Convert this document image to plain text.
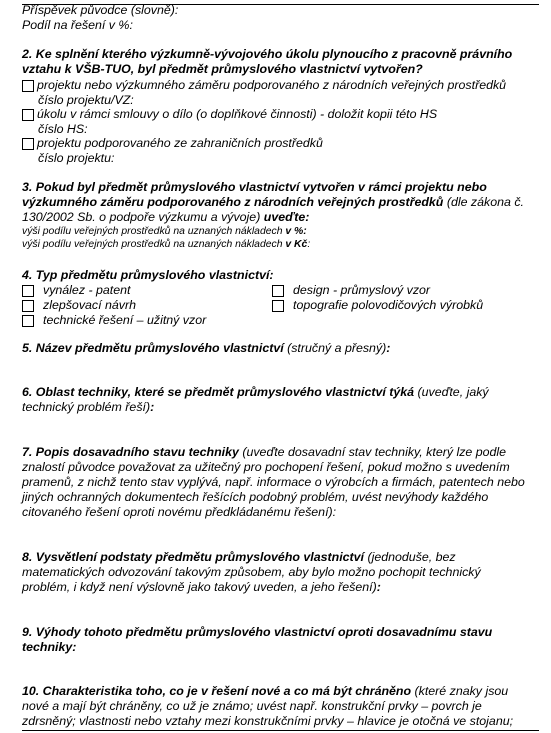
Příspěvek původce (slovně):
Podíl na řešení v %:
2. Ke splnění kterého výzkumně-vývojového úkolu plynoucího z pracovně právního
vztahu k VŠB-TUO, byl předmět průmyslového vlastnictví vytvořen?
projektu nebo výzkumného záměru podporovaného z národních veřejných prostředků
číslo projektu/VZ:
úkolu v rámci smlouvy o dílo (o doplňkové činnosti) - doložit kopii této HS
číslo HS:
projektu podporovaného ze zahraničních prostředků
číslo projektu:
3. Pokud byl předmět průmyslového vlastnictví vytvořen v rámci projektu nebo
výzkumného záměru podporovaného z národních veřejných prostředků (dle zákona č.
130/2002 Sb. o podpoře výzkumu a vývoje) uveďte:
výši podílu veřejných prostředků na uznaných nákladech v %:
výši podílu veřejných prostředků na uznaných nákladech v Kč:
4. Typ předmětu průmyslového vlastnictví:
vynález - patent	design - průmyslový vzor
zlepšovací návrh	topografie polovodičových výrobků
technické řešení – užitný vzor
5. Název předmětu průmyslového vlastnictví (stručný a přesný):
6. Oblast techniky, které se předmět průmyslového vlastnictví týká (uveďte, jaký
technický problém řeší):
7. Popis dosavadního stavu techniky (uveďte dosavadní stav techniky, který lze podle
znalostí původce považovat za užitečný pro pochopení řešení, pokud možno s uvedením
pramenů, z nichž tento stav vyplývá, např. informace o výrobcích a firmách, patentech nebo
jiných ochranných dokumentech řešících podobný problém, uvést nevýhody každého
citovaného řešení oproti novému předkládanému řešení):
8. Vysvětlení podstaty předmětu průmyslového vlastnictví (jednoduše, bez
matematických odvozování takovým způsobem, aby bylo možno pochopit technický
problém, i když není výslovně jako takový uveden, a jeho řešení):
9. Výhody tohoto předmětu průmyslového vlastnictví oproti dosavadnímu stavu
techniky:
10. Charakteristika toho, co je v řešení nové a co má být chráněno (které znaky jsou
nové a mají být chráněny, co už je známo; uvést např. konstrukční prvky – povrch je
zdrsněný; vlastnosti nebo vztahy mezi konstrukčními prvky – hlavice je otočná ve stojanu;
